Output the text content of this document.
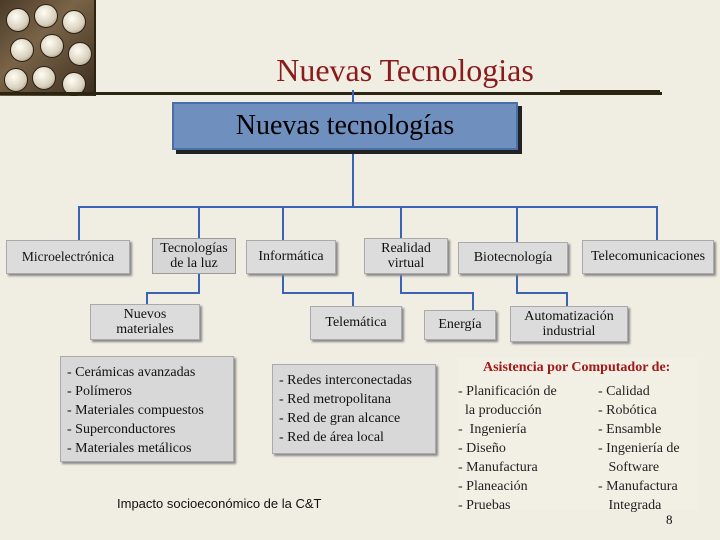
Nuevas Tecnologias
Nuevas tecnologías
Microelectrónica
Tecnologías
de la luz	Informática
Realidad
virtual	Biotecnología	Telecomunicaciones
Nuevos
materiales	Telemática	Energía
Automatización
industrial
- Cerámicas avanzadas
- Polímeros
- Materiales compuestos
- Superconductores
- Materiales metálicos
- Redes interconectadas
- Red metropolitana
- Red de gran alcance
- Red de área local
Impacto socioeconómico de la C&T
Asistencia por Computador de:
- Planificación de
la producción
-  Ingeniería
- Diseño
- Manufactura
- Planeación
- Pruebas
- Calidad
- Robótica
- Ensamble
- Ingeniería de
Software
- Manufactura
Integrada
8
